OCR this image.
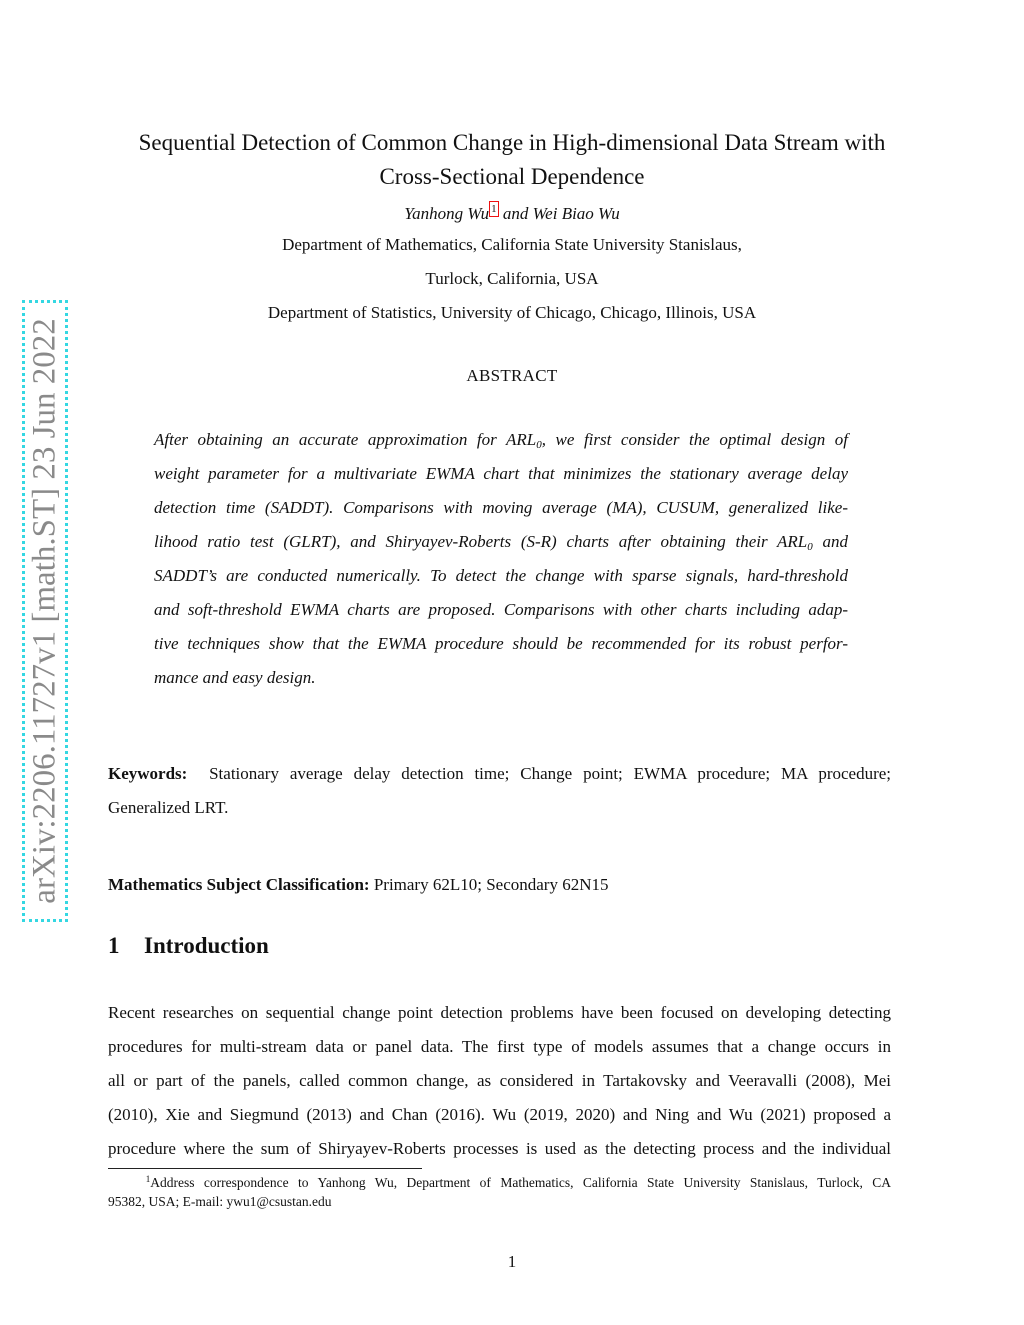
arXiv:2206.11727v1 [math.ST] 23 Jun 2022
Sequential Detection of Common Change in High-dimensional Data Stream with
Cross-Sectional Dependence
Yanhong Wu 1 and Wei Biao Wu
Department of Mathematics, California State University Stanislaus,
Turlock, California, USA
Department of Statistics, University of Chicago, Chicago, Illinois, USA
ABSTRACT
After obtaining an accurate approximation for $ARL_0$, we first consider the optimal design of
weight parameter for a multivariate EWMA chart that minimizes the stationary average delay
detection time (SADDT). Comparisons with moving average (MA), CUSUM, generalized like-
lihood ratio test (GLRT), and Shiryayev-Roberts (S-R) charts after obtaining their $ARL_0$ and
SADDT’s are conducted numerically. To detect the change with sparse signals, hard-threshold
and soft-threshold EWMA charts are proposed. Comparisons with other charts including adap-
tive techniques show that the EWMA procedure should be recommended for its robust perfor-
mance and easy design.
Keywords: Stationary average delay detection time; Change point; EWMA procedure; MA procedure;
Generalized LRT.
Mathematics Subject Classification: Primary 62L10; Secondary 62N15
1 Introduction
Recent researches on sequential change point detection problems have been focused on developing detecting
procedures for multi-stream data or panel data. The first type of models assumes that a change occurs in
all or part of the panels, called common change, as considered in Tartakovsky and Veeravalli (2008), Mei
(2010), Xie and Siegmund (2013) and Chan (2016). Wu (2019, 2020) and Ning and Wu (2021) proposed a
procedure where the sum of Shiryayev-Roberts processes is used as the detecting process and the individual
$^1$Address correspondence to Yanhong Wu, Department of Mathematics, California State University Stanislaus, Turlock, CA
95382, USA; E-mail: ywu1@csustan.edu
1
